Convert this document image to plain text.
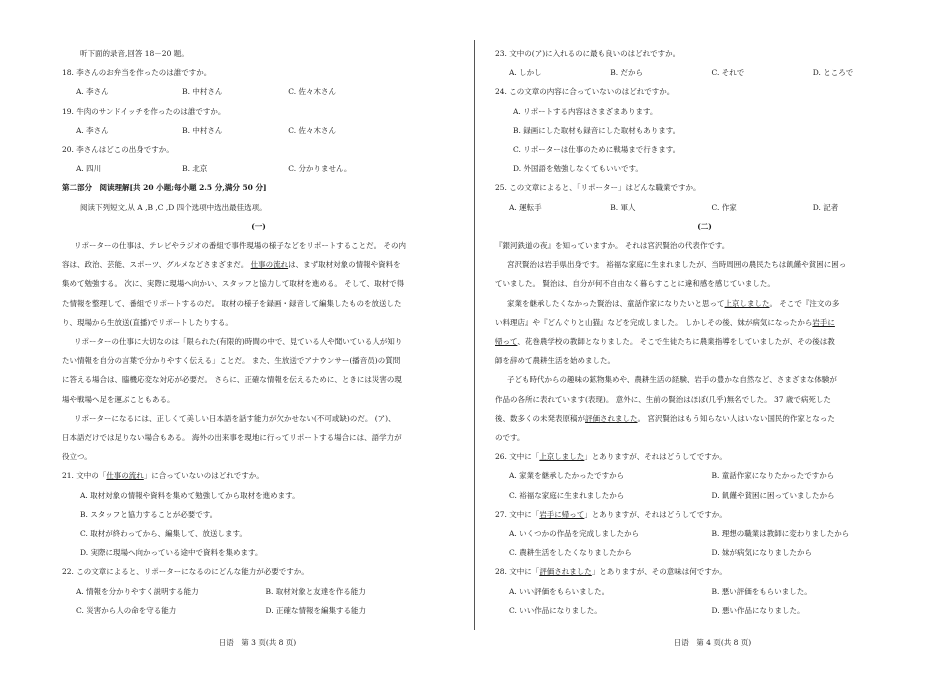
听下面的录音,回答 18－20 题。
18. 李さんのお弁当を作ったのは誰ですか。
A. 李さん	B. 中村さん	C. 佐々木さん
19. 牛肉のサンドイッチを作ったのは誰ですか。
A. 李さん	B. 中村さん	C. 佐々木さん
20. 李さんはどこの出身ですか。
A. 四川	B. 北京	C. 分かりません。
第二部分　阅读理解[共 20 小题;每小题 2.5 分,满分 50 分]
阅读下列短文,从 A ,B ,C ,D 四个选项中选出最佳选项。
(一)
リポーターの仕事は、テレビやラジオの番組で事件現場の様子などをリポートすることだ。 その内
容は、政治、芸能、スポーツ、グルメなどさまざまだ。 仕事の流れは、まず取材対象の情報や資料を
集めて勉強する。 次に、実際に現場へ向かい、スタッフと協力して取材を進める。 そして、取材で得
た情報を整理して、番組でリポートするのだ。 取材の様子を録画・録音して編集したものを放送した
り、現場から生放送(直播)でリポートしたりする。
リポーターの仕事に大切なのは「限られた(有限的)時間の中で、見ている人や聞いている人が知り
たい情報を自分の言葉で分かりやすく伝える」ことだ。 また、生放送でアナウンサー(播音员)の質問
に答える場合は、臨機応変な対応が必要だ。 さらに、正確な情報を伝えるために、ときには災害の現
場や戦場へ足を運ぶこともある。
リポーターになるには、正しくて美しい日本語を話す能力が欠かせない(不可或缺)のだ。 (ア)、
日本語だけでは足りない場合もある。 海外の出来事を現地に行ってリポートする場合には、語学力が
役立つ。
21. 文中の「仕事の流れ」に合っていないのはどれですか。
A. 取材対象の情報や資料を集めて勉強してから取材を進めます。
B. スタッフと協力することが必要です。
C. 取材が終わってから、編集して、放送します。
D. 実際に現場へ向かっている途中で資料を集めます。
22. この文章によると、リポーターになるのにどんな能力が必要ですか。
A. 情報を分かりやすく説明する能力	B. 取材対象と友達を作る能力
C. 災害から人の命を守る能力	D. 正確な情報を編集する能力
日语　第 3 页(共 8 页)
23. 文中の(ア)に入れるのに最も良いのはどれですか。
A. しかし	B. だから	C. それで	D. ところで
24. この文章の内容に合っていないのはどれですか。
A. リポートする内容はさまざまあります。
B. 録画にした取材も録音にした取材もあります。
C. リポーターは仕事のために戦場まで行きます。
D. 外国語を勉強しなくてもいいです。
25. この文章によると、「リポーター」はどんな職業ですか。
A. 運転手	B. 軍人	C. 作家	D. 記者
(二)
『銀河鉄道の夜』を知っていますか。 それは宮沢賢治の代表作です。
宮沢賢治は岩手県出身です。 裕福な家庭に生まれましたが、当時周囲の農民たちは飢饉や貧困に困っ
ていました。 賢治は、自分が何不自由なく暮らすことに違和感を感じていました。
家業を継承したくなかった賢治は、童話作家になりたいと思って上京しました。 そこで『注文の多
い料理店』や『どんぐりと山猫』などを完成しました。 しかしその後、妹が病気になったから岩手に
帰って、花巻農学校の教師となりました。 そこで生徒たちに農業指導をしていましたが、その後は教
師を辞めて農耕生活を始めました。
子ども時代からの趣味の鉱物集めや、農耕生活の経験、岩手の豊かな自然など、さまざまな体験が
作品の各所に表れています(表现)。 意外に、生前の賢治はほぼ(几乎)無名でした。 37 歳で病死した
後、数多くの未発表原稿が評価されました。 宮沢賢治はもう知らない人はいない国民的作家となった
のです。
26. 文中に「上京しました」とありますが、それはどうしてですか。
A. 家業を継承したかったですから	B. 童話作家になりたかったですから
C. 裕福な家庭に生まれましたから	D. 飢饉や貧困に困っていましたから
27. 文中に「岩手に帰って」とありますが、それはどうしてですか。
A. いくつかの作品を完成しましたから	B. 理想の職業は教師に変わりましたから
C. 農耕生活をしたくなりましたから	D. 妹が病気になりましたから
28. 文中に「評価されました」とありますが、その意味は何ですか。
A. いい評価をもらいました。	B. 悪い評価をもらいました。
C. いい作品になりました。	D. 悪い作品になりました。
日语　第 4 页(共 8 页)
